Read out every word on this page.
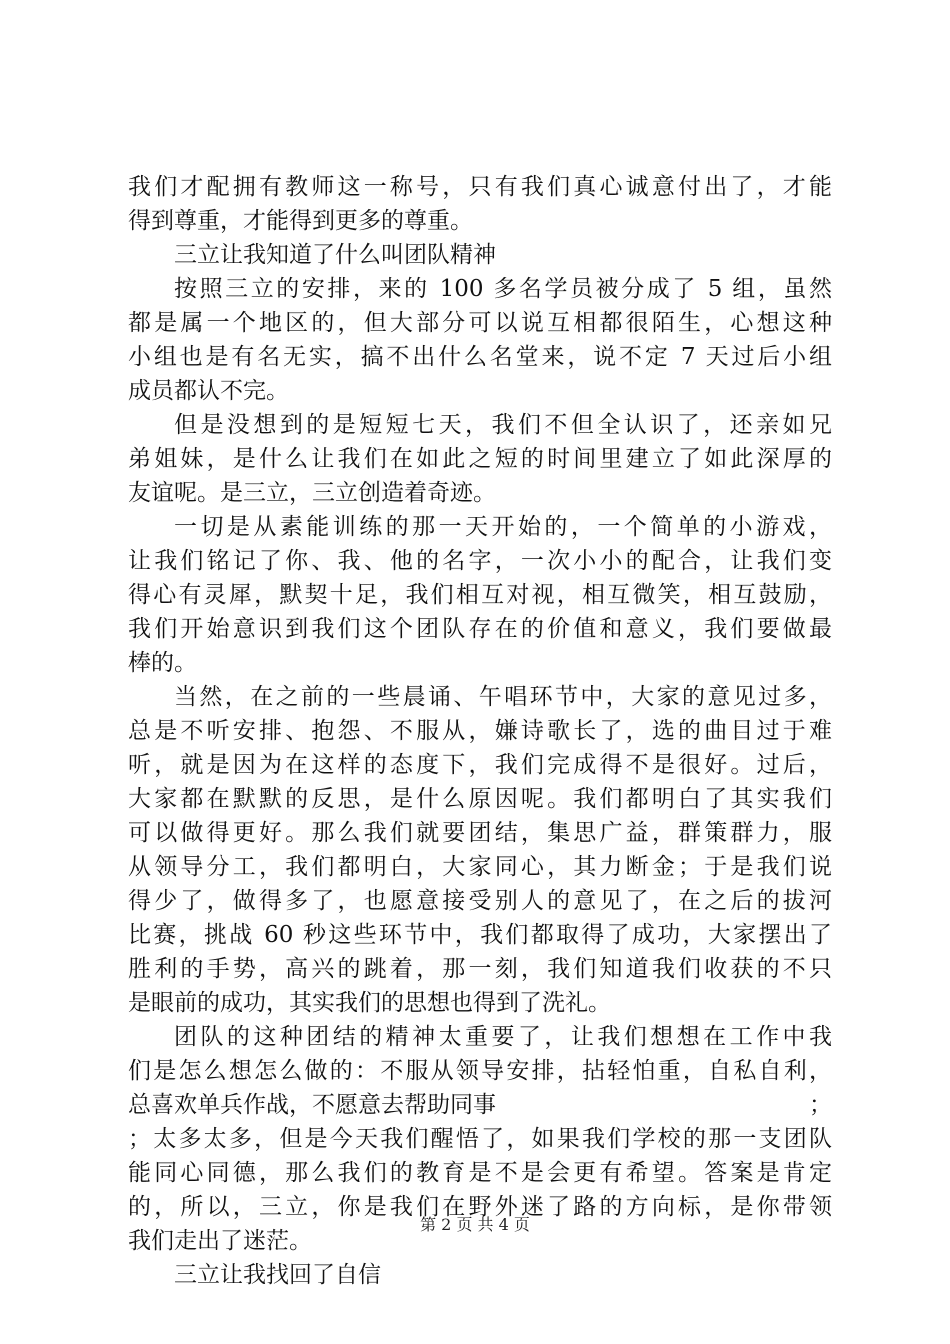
我们才配拥有教师这一称号，只有我们真心诚意付出了，才能
得到尊重，才能得到更多的尊重。
三立让我知道了什么叫团队精神
按照三立的安排，来的 100 多名学员被分成了 5 组，虽然
都是属一个地区的，但大部分可以说互相都很陌生，心想这种
小组也是有名无实，搞不出什么名堂来，说不定 7 天过后小组
成员都认不完。
但是没想到的是短短七天，我们不但全认识了，还亲如兄
弟姐妹，是什么让我们在如此之短的时间里建立了如此深厚的
友谊呢。是三立，三立创造着奇迹。
一切是从素能训练的那一天开始的，一个简单的小游戏，
让我们铭记了你、我、他的名字，一次小小的配合，让我们变
得心有灵犀，默契十足，我们相互对视，相互微笑，相互鼓励，
我们开始意识到我们这个团队存在的价值和意义，我们要做最
棒的。
当然，在之前的一些晨诵、午唱环节中，大家的意见过多，
总是不听安排、抱怨、不服从，嫌诗歌长了，选的曲目过于难
听，就是因为在这样的态度下，我们完成得不是很好。过后，
大家都在默默的反思，是什么原因呢。我们都明白了其实我们
可以做得更好。那么我们就要团结，集思广益，群策群力，服
从领导分工，我们都明白，大家同心，其力断金；于是我们说
得少了，做得多了，也愿意接受别人的意见了，在之后的拔河
比赛，挑战 60 秒这些环节中，我们都取得了成功，大家摆出了
胜利的手势，高兴的跳着，那一刻，我们知道我们收获的不只
是眼前的成功，其实我们的思想也得到了洗礼。
团队的这种团结的精神太重要了，让我们想想在工作中我
们是怎么想怎么做的：不服从领导安排，拈轻怕重，自私自利，
总喜欢单兵作战，不愿意去帮助同事	；
；太多太多，但是今天我们醒悟了，如果我们学校的那一支团队
能同心同德，那么我们的教育是不是会更有希望。答案是肯定
的，所以，三立，你是我们在野外迷了路的方向标，是你带领
我们走出了迷茫。
三立让我找回了自信
第 2 页 共 4 页
